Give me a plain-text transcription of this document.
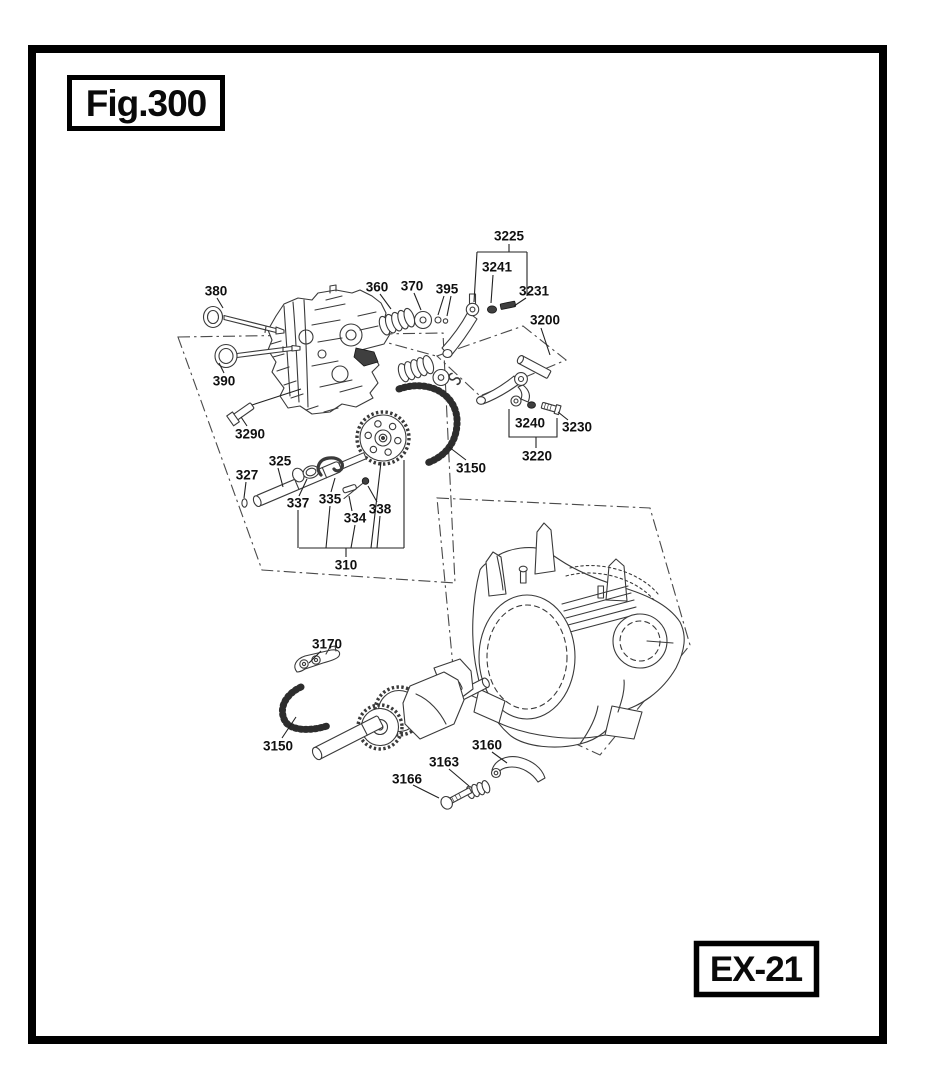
380
390
3290
360 370 395
3225
3241
3231
3200
3240 3230
3220
3150
325
327
337 335
334
338
310
3170
3150
3166
3163
3160
Fig.300
EX-21
